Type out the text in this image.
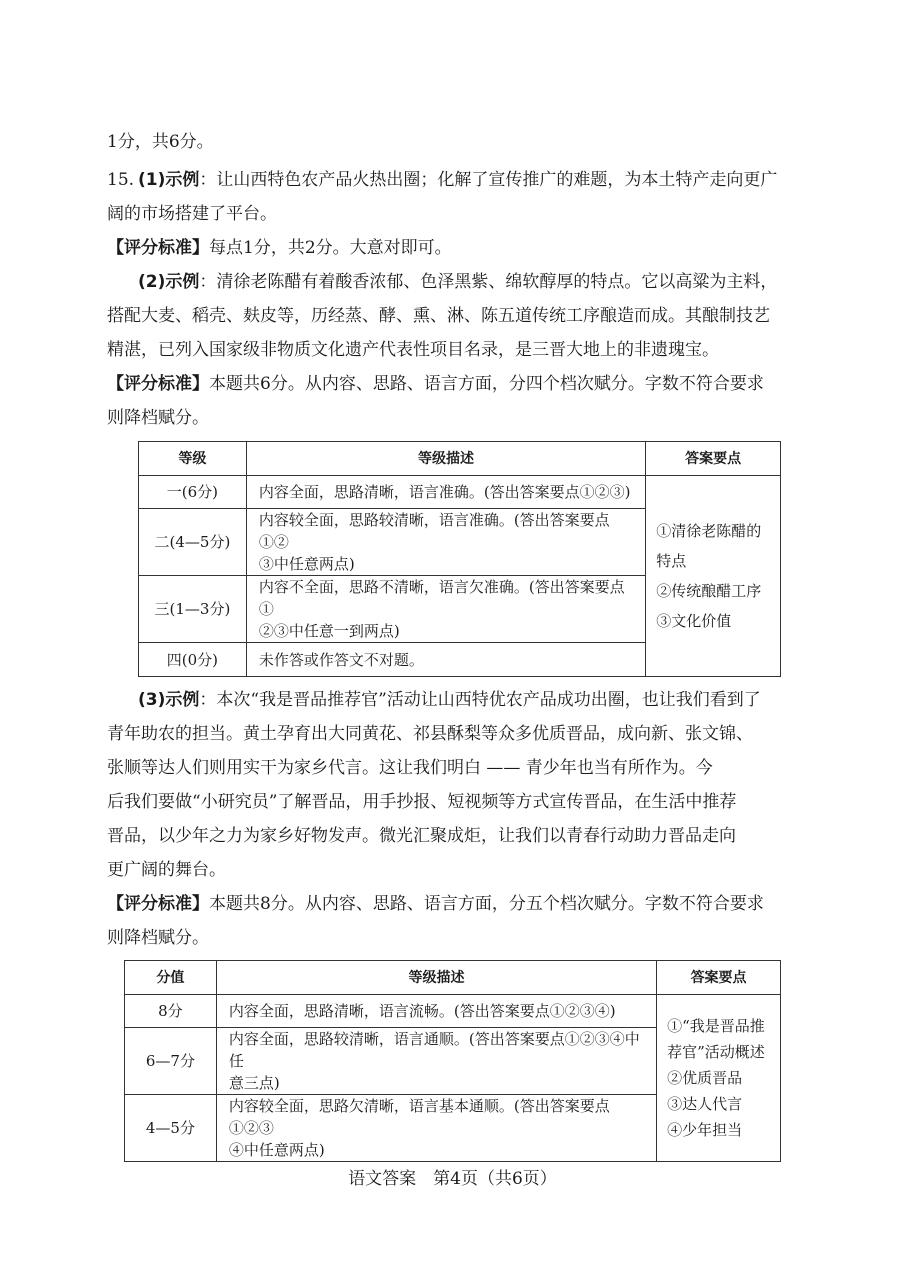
1分，共6分。
15. (1)示例：让山西特色农产品火热出圈；化解了宣传推广的难题，为本土特产走向更广
阔的市场搭建了平台。
【评分标准】每点1分，共2分。大意对即可。
(2)示例：清徐老陈醋有着酸香浓郁、色泽黑紫、绵软醇厚的特点。它以高粱为主料，
搭配大麦、稻壳、麸皮等，历经蒸、酵、熏、淋、陈五道传统工序酿造而成。其酿制技艺
精湛，已列入国家级非物质文化遗产代表性项目名录，是三晋大地上的非遗瑰宝。
【评分标准】本题共6分。从内容、思路、语言方面，分四个档次赋分。字数不符合要求
则降档赋分。
等级	等级描述	答案要点
一(6分)	内容全面，思路清晰，语言准确。(答出答案要点①②③)	①清徐老陈醋的
特点
②传统酿醋工序
③文化价值

二(4—5分)	内容较全面，思路较清晰，语言准确。(答出答案要点①②
③中任意两点)	

三(1—3分)	内容不全面，思路不清晰，语言欠准确。(答出答案要点①
②③中任意一到两点)	

四(0分)	未作答或作答文不对题。	
(3)示例：本次“我是晋品推荐官”活动让山西特优农产品成功出圈，也让我们看到了
青年助农的担当。黄土孕育出大同黄花、祁县酥梨等众多优质晋品，成向新、张文锦、
张顺等达人们则用实干为家乡代言。这让我们明白 —— 青少年也当有所作为。今
后我们要做“小研究员”了解晋品，用手抄报、短视频等方式宣传晋品，在生活中推荐
晋品，以少年之力为家乡好物发声。微光汇聚成炬，让我们以青春行动助力晋品走向
更广阔的舞台。
【评分标准】本题共8分。从内容、思路、语言方面，分五个档次赋分。字数不符合要求
则降档赋分。
分值	等级描述	答案要点
8分	内容全面，思路清晰，语言流畅。(答出答案要点①②③④)	①“我是晋品推
荐官”活动概述
②优质晋品
③达人代言
④少年担当

6—7分	内容全面，思路较清晰，语言通顺。(答出答案要点①②③④中任
意三点)	

4—5分	内容较全面，思路欠清晰，语言基本通顺。(答出答案要点①②③
④中任意两点)	
语文答案　第4页（共6页）
